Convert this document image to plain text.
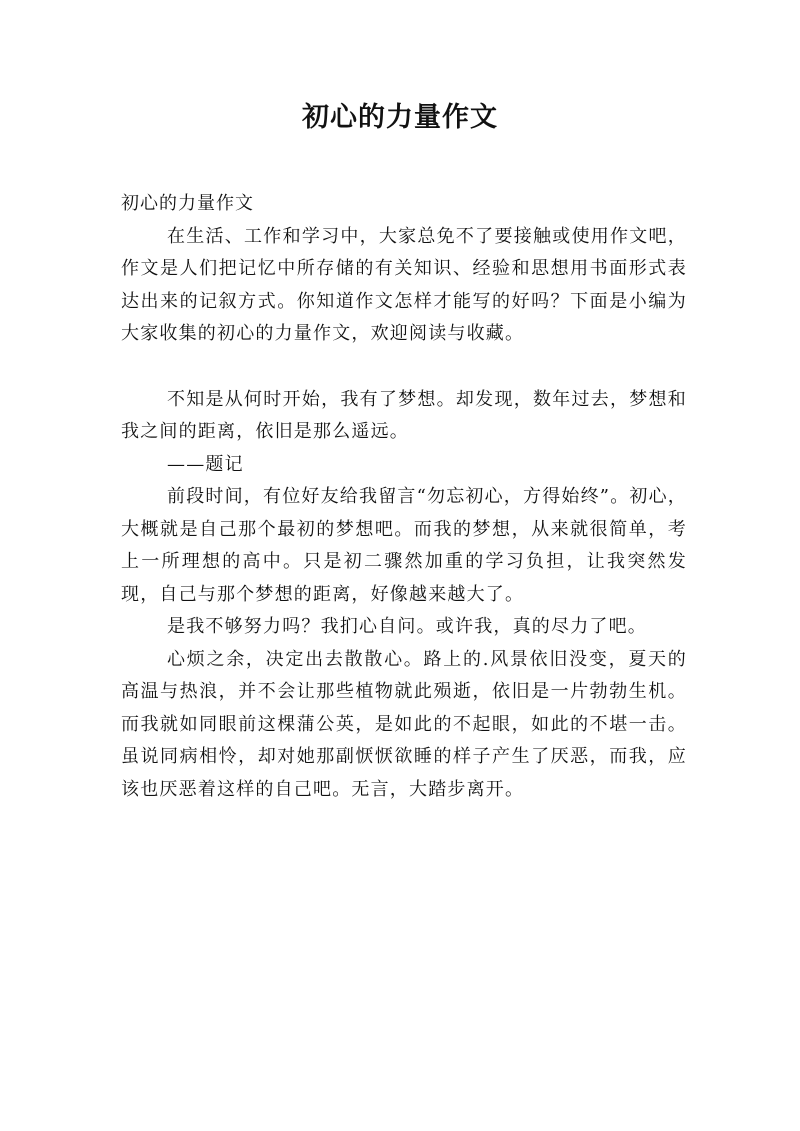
初心的力量作文

初心的力量作文

在生活、工作和学习中，大家总免不了要接触或使用作文吧，作文是人们把记忆中所存储的有关知识、经验和思想用书面形式表达出来的记叙方式。你知道作文怎样才能写的好吗？下面是小编为大家收集的初心的力量作文，欢迎阅读与收藏。

不知是从何时开始，我有了梦想。却发现，数年过去，梦想和我之间的距离，依旧是那么遥远。

——题记

前段时间，有位好友给我留言“勿忘初心，方得始终”。初心，大概就是自己那个最初的梦想吧。而我的梦想，从来就很简单，考上一所理想的高中。只是初二骤然加重的学习负担，让我突然发现，自己与那个梦想的距离，好像越来越大了。

是我不够努力吗？我扪心自问。或许我，真的尽力了吧。

心烦之余，决定出去散散心。路上的.风景依旧没变，夏天的高温与热浪，并不会让那些植物就此殒逝，依旧是一片勃勃生机。而我就如同眼前这棵蒲公英，是如此的不起眼，如此的不堪一击。虽说同病相怜，却对她那副恹恹欲睡的样子产生了厌恶，而我，应该也厌恶着这样的自己吧。无言，大踏步离开。
